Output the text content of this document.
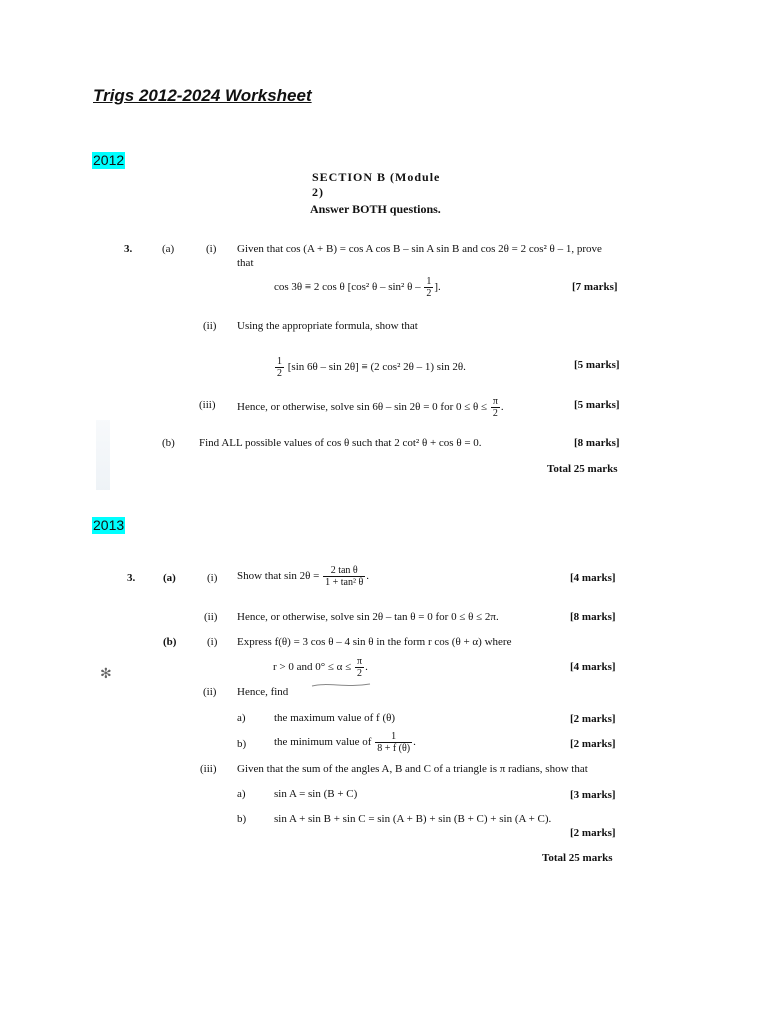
Trigs 2012-2024 Worksheet
2012
SECTION B (Module 2)
Answer BOTH questions.
3.	(a)	(i) Given that cos (A + B) = cos A cos B – sin A sin B and cos 2θ = 2 cos² θ – 1, prove
that
cos 3θ ≡ 2 cos θ [cos² θ – sin² θ – $\frac{1}{2}$ ].	[7 marks]
(ii) Using the appropriate formula, show that
$\frac{1}{2} [\sin$ 6θ – sin 2θ] ≡ (2 cos² 2θ – 1) sin 2θ.	[5 marks]
(iii) Hence, or otherwise, solve sin 6θ – sin 2θ = 0 for $0 \le \theta \le \frac{\pi}{2}$ .	[5 marks]
(b) Find ALL possible values of cos θ such that 2 cot² θ + cos θ = 0.	[8 marks]
Total 25 marks
2013
3.	(a)	(i) Show that $\sin 2\theta = \frac{\text{2 tan θ}}{\text{1 + tan² θ}}$ .	[4 marks]
(ii) Hence, or otherwise, solve sin 2θ – tan θ = 0 for 0 ≤ θ ≤ 2π.	[8 marks]
(b)	(i) Express f(θ) = 3 cos θ – 4 sin θ in the form r cos (θ + α) where
r > 0 and $0^\circ \le \alpha \le \frac{\pi}{2}$ .	[4 marks]
✻
(ii) Hence, find
a)	the maximum value of f (θ)	[2 marks]
b)	the minimum value of $\frac{1}{8 + f (\theta)}$ .	[2 marks]
(iii) Given that the sum of the angles A, B and C of a triangle is π radians, show that
a)	sin A = sin (B + C)	[3 marks]
b)	sin A + sin B + sin C = sin (A + B) + sin (B + C) + sin (A + C).
[2 marks]
Total 25 marks
